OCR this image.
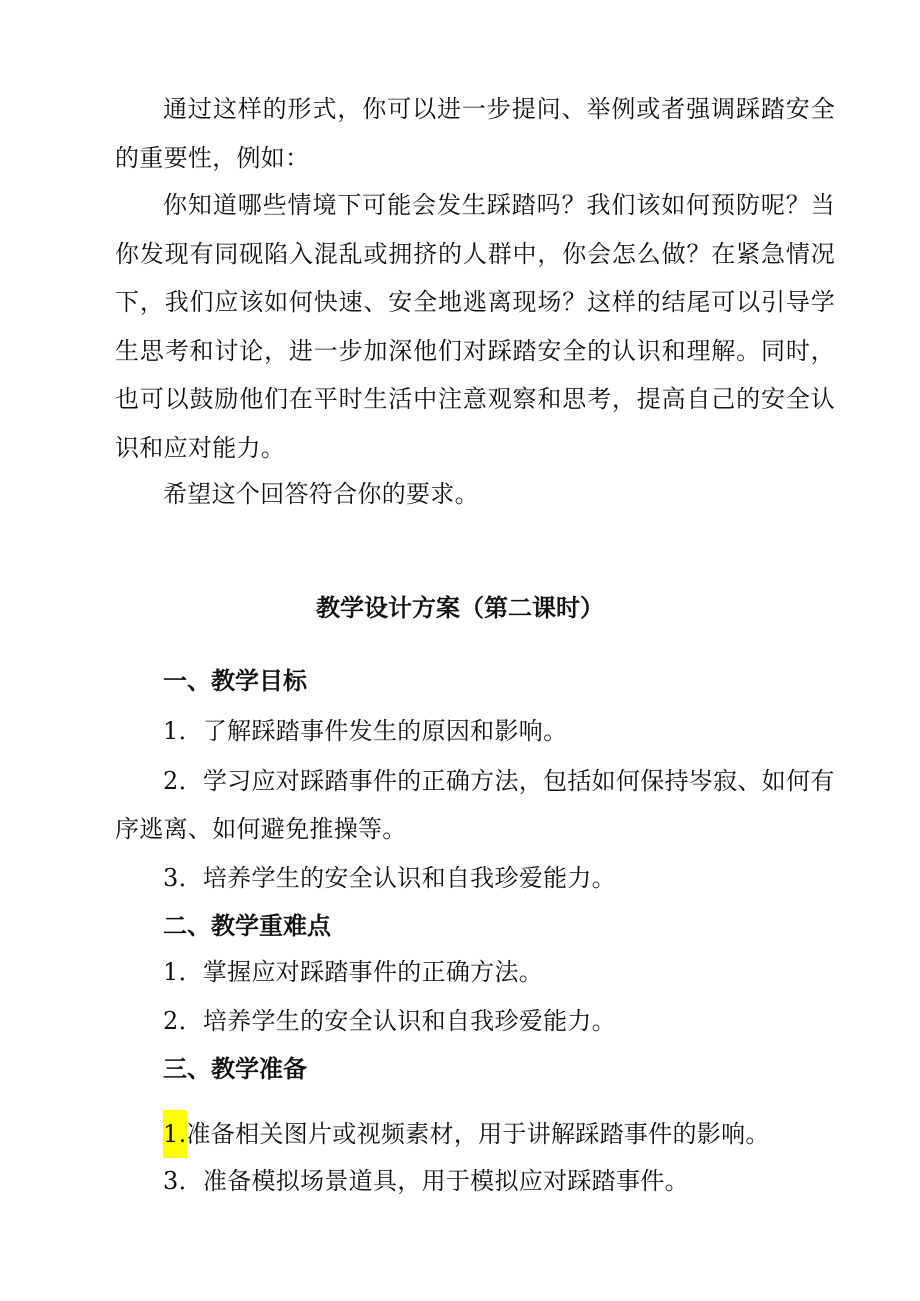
通过这样的形式，你可以进一步提问、举例或者强调踩踏安全的重要性，例如：

你知道哪些情境下可能会发生踩踏吗？我们该如何预防呢？当你发现有同砚陷入混乱或拥挤的人群中，你会怎么做？在紧急情况下，我们应该如何快速、安全地逃离现场？这样的结尾可以引导学生思考和讨论，进一步加深他们对踩踏安全的认识和理解。同时，也可以鼓励他们在平时生活中注意观察和思考，提高自己的安全认识和应对能力。

希望这个回答符合你的要求。

教学设计方案（第二课时）
一、教学目标

1．了解踩踏事件发生的原因和影响。

2．学习应对踩踏事件的正确方法，包括如何保持岑寂、如何有序逃离、如何避免推操等。

3．培养学生的安全认识和自我珍爱能力。

二、教学重难点

1．掌握应对踩踏事件的正确方法。

2．培养学生的安全认识和自我珍爱能力。

三、教学准备

1.准备相关图片或视频素材，用于讲解踩踏事件的影响。

3．准备模拟场景道具，用于模拟应对踩踏事件。
